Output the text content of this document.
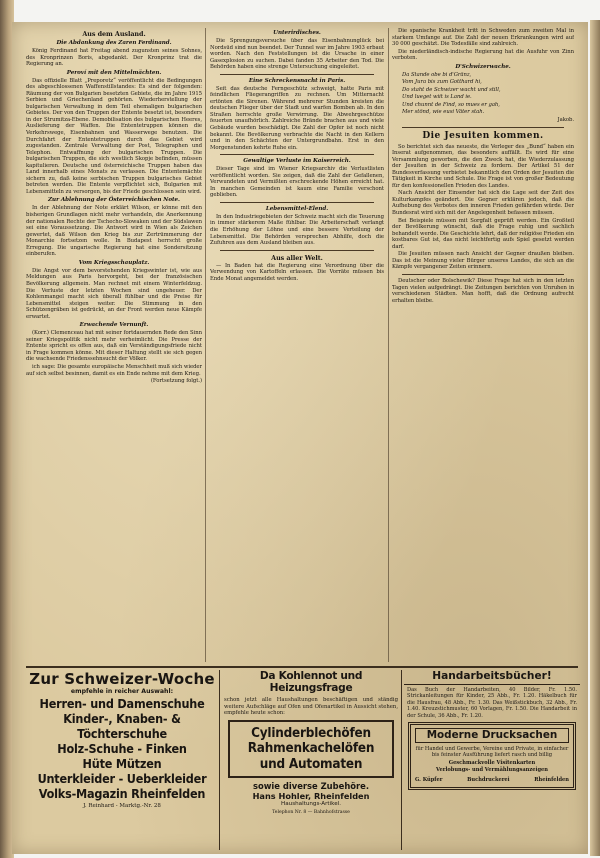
Aus dem Ausland.
Die Abdankung des Zaren Ferdinand.

König Ferdinand hat Freitag abend zugunsten seines Sohnes, des Kronprinzen Boris, abgedankt. Der Kronprinz trat die Regierung an.

Peroví mit den Mittelmächten.

Das offizielle Blatt „Preporetz“ veröffentlicht die Bedingungen des abgeschlossenen Waffenstillstandes: Es sind der folgenden: Räumung der von Bulgarien besetzten Gebiete, die im Jahre 1915 Serbien und Griechenland gehörten. Wiederherstellung der bulgarischen Verwaltung in dem Teil ehemaligen bulgarischen Gebietes. Der von den Truppen der Entente besetzt ist, besonders in der Strumitza-Ebene. Demobilisation des bulgarischen Heeres, Auslieferung der Waffen. Die Ententetruppen können die Verkehrswege, Eisenbahnen und Wasserwege benutzen. Die Durchfahrt der Ententetruppen durch das Gebiet wird zugestanden. Zentrale Verwaltung der Post, Telegraphen und Telephon. Entwaffnung der bulgarischen Truppen. Die bulgarischen Truppen, die sich westlich Skopje befinden, müssen kapitulieren. Deutsche und österreichische Truppen haben das Land innerhalb eines Monats zu verlassen. Die Ententemächte sichern zu, daß keine serbischen Truppen bulgarisches Gebiet betreten werden. Die Entente verpflichtet sich, Bulgarien mit Lebensmitteln zu versorgen, bis der Friede geschlossen sein wird.

Zur Ablehnung der Österreichischen Note.

In der Ablehnung der Note erklärt Wilson, er könne mit den bisherigen Grundlagen nicht mehr verhandeln, die Anerkennung der nationalen Rechte der Tschecho-Slowaken und der Südslawen sei eine Voraussetzung. Die Antwort wird in Wien als Zeichen gewertet, daß Wilson den Krieg bis zur Zertrümmerung der Monarchie fortsetzen wolle. In Budapest herrscht große Erregung. Die ungarische Regierung hat eine Sondersitzung einberufen.

Vom Kriegsschauplatz.

Die Angst vor dem bevorstehenden Kriegswinter ist, wie aus Meldungen aus Paris hervorgeht, bei der französischen Bevölkerung allgemein. Man rechnet mit einem Winterfeldzug. Die Verluste der letzten Wochen sind ungeheuer. Der Kohlenmangel macht sich überall fühlbar und die Preise für Lebensmittel steigen weiter. Die Stimmung in den Schützengräben ist gedrückt, an der Front werden neue Kämpfe erwartet.

Erwachende Vernunft.

(Korr.) Clemenceau hat mit seiner fortdauernden Rede den Sinn seiner Kriegspolitik nicht mehr verheimlicht. Die Presse der Entente spricht es offen aus, daß ein Verständigungsfriede nicht in Frage kommen könne. Mit dieser Haltung stellt sie sich gegen die wachsende Friedenssehnsucht der Völker.

ich sage: Die gesamte europäische Menschheit muß sich wieder auf sich selbst besinnen, damit es ein Ende nehme mit dem Krieg.

(Fortsetzung folgt.)

Unterirdisches.

Die Sprengungsversuche über das Eisenbahnunglück bei Nordsüd sind nun beendet. Der Tunnel war im Jahre 1903 erbaut worden. Nach den Feststellungen ist die Ursache in einer Gasexplosion zu suchen. Dabei fanden 35 Arbeiter den Tod. Die Behörden haben eine strenge Untersuchung eingeleitet.

Eine Schreckensnacht in Paris.

Seit das deutsche Ferngeschütz schweigt, hatte Paris mit feindlichen Fliegerangriffen zu rechnen. Um Mitternacht ertönten die Sirenen. Während mehrerer Stunden kreisten die deutschen Flieger über der Stadt und warfen Bomben ab. In den Straßen herrschte große Verwirrung. Die Abwehrgeschütze feuerten unaufhörlich. Zahlreiche Brände brachen aus und viele Gebäude wurden beschädigt. Die Zahl der Opfer ist noch nicht bekannt. Die Bevölkerung verbrachte die Nacht in den Kellern und in den Schächten der Untergrundbahn. Erst in den Morgenstunden kehrte Ruhe ein.

Gewaltige Verluste im Kaiserreich.

Dieser Tage sind im Wiener Kriegsarchiv die Verlustlisten veröffentlicht worden. Sie zeigen, daß die Zahl der Gefallenen, Verwundeten und Vermißten erschreckende Höhen erreicht hat. In manchen Gemeinden ist kaum eine Familie verschont geblieben.

Lebensmittel-Elend.

In den Industriegebieten der Schweiz macht sich die Teuerung in immer stärkerem Maße fühlbar. Die Arbeiterschaft verlangt die Erhöhung der Löhne und eine bessere Verteilung der Lebensmittel. Die Behörden versprechen Abhilfe, doch die Zufuhren aus dem Ausland bleiben aus.

Aus aller Welt.

— In Baden hat die Regierung eine Verordnung über die Verwendung von Kartoffeln erlassen. Die Vorräte müssen bis Ende Monat angemeldet werden.

Die spanische Krankheit tritt in Schweden zum zweiten Mal in starkem Umfange auf. Die Zahl der neuen Erkrankungen wird auf 30 000 geschätzt. Die Todesfälle sind zahlreich.

Die niederländisch-indische Regierung hat die Ausfuhr von Zinn verboten.

D'Schwizerwache.

Da Stande obe bi d'Gränz,

Vom Jura bis zum Gotthard hi,

Do staht de Schwizer wacht und still,

Und lueget wiit is Land ie.

Und chunnt de Find, so mues er gah,

Mer stönd, wie eusi Väter stah.

Jakob.

Die Jesuiten kommen.

So berichtet sich das neueste, die Verleger des „Bund“ haben ein Inserat aufgenommen, das besonders auffällt. Es wird für eine Versammlung geworben, die den Zweck hat, die Wiederzulassung der Jesuiten in der Schweiz zu fordern. Der Artikel 51 der Bundesverfassung verbietet bekanntlich den Orden der Jesuiten die Tätigkeit in Kirche und Schule. Die Frage ist von großer Bedeutung für den konfessionellen Frieden des Landes.

Nach Ansicht der Einsender hat sich die Lage seit der Zeit des Kulturkampfes geändert. Die Gegner erklären jedoch, daß die Aufhebung des Verbotes den inneren Frieden gefährden würde. Der Bundesrat wird sich mit der Angelegenheit befassen müssen.

Bei Beispiele müssen mit Sorgfalt geprüft werden. Ein Großteil der Bevölkerung wünscht, daß die Frage ruhig und sachlich behandelt werde. Die Geschichte lehrt, daß der religiöse Frieden ein kostbares Gut ist, das nicht leichtfertig aufs Spiel gesetzt werden darf.

Die Jesuiten müssen nach Ansicht der Gegner draußen bleiben. Das ist die Meinung vieler Bürger unseres Landes, die sich an die Kämpfe vergangener Zeiten erinnern.

Deutscher oder Bolschewik? Diese Frage hat sich in den letzten Tagen vielen aufgedrängt. Die Zeitungen berichten von Unruhen in verschiedenen Städten. Man hofft, daß die Ordnung aufrecht erhalten bleibe.

Zur Schweizer-Woche
empfehle in reicher Auswahl:
Herren- und Damenschuhe
Kinder-, Knaben- & Töchterschuhe
Holz-Schuhe - Finken
Hüte Mützen
Unterkleider - Ueberkleider
Volks-Magazin Rheinfelden
J. Reinhard - Marktg.-Nr. 28
Da Kohlennot und Heizungsfrage
schon jetzt alle Haushaltungen beschäftigen und ständig weitere Aufschläge auf Ofen und Ofenartikel in Aussicht stehen, empfehle heute schon:
Cylinderblechöfen
Rahmenkachelöfen
und Automaten
sowie diverse Zubehöre.
Hans Hohler, Rheinfelden
Haushaltungs-Artikel.
Telephon Nr. 8 — Bahnhofstrasse
Handarbeitsbücher!
Das Buch der Handarbeiten, 40 Bilder, Fr. 1.50. Strickanleitungen für Kinder, 25 Abb., Fr. 1.20. Häkelbuch für die Hausfrau, 48 Abb., Fr. 1.30. Das Weißstickbuch, 32 Abb., Fr. 1.40. Kreuzstichmuster, 60 Vorlagen, Fr. 1.50. Die Handarbeit in der Schule, 36 Abb., Fr. 1.20.
Moderne Drucksachen
für Handel und Gewerbe, Vereine und Private, in einfacher bis feinster Ausführung liefert rasch und billig
Geschmackvolle Visitenkarten
Verlobungs- und Vermählungsanzeigen
G. Küpfer	Buchdruckerei	Rheinfelden
